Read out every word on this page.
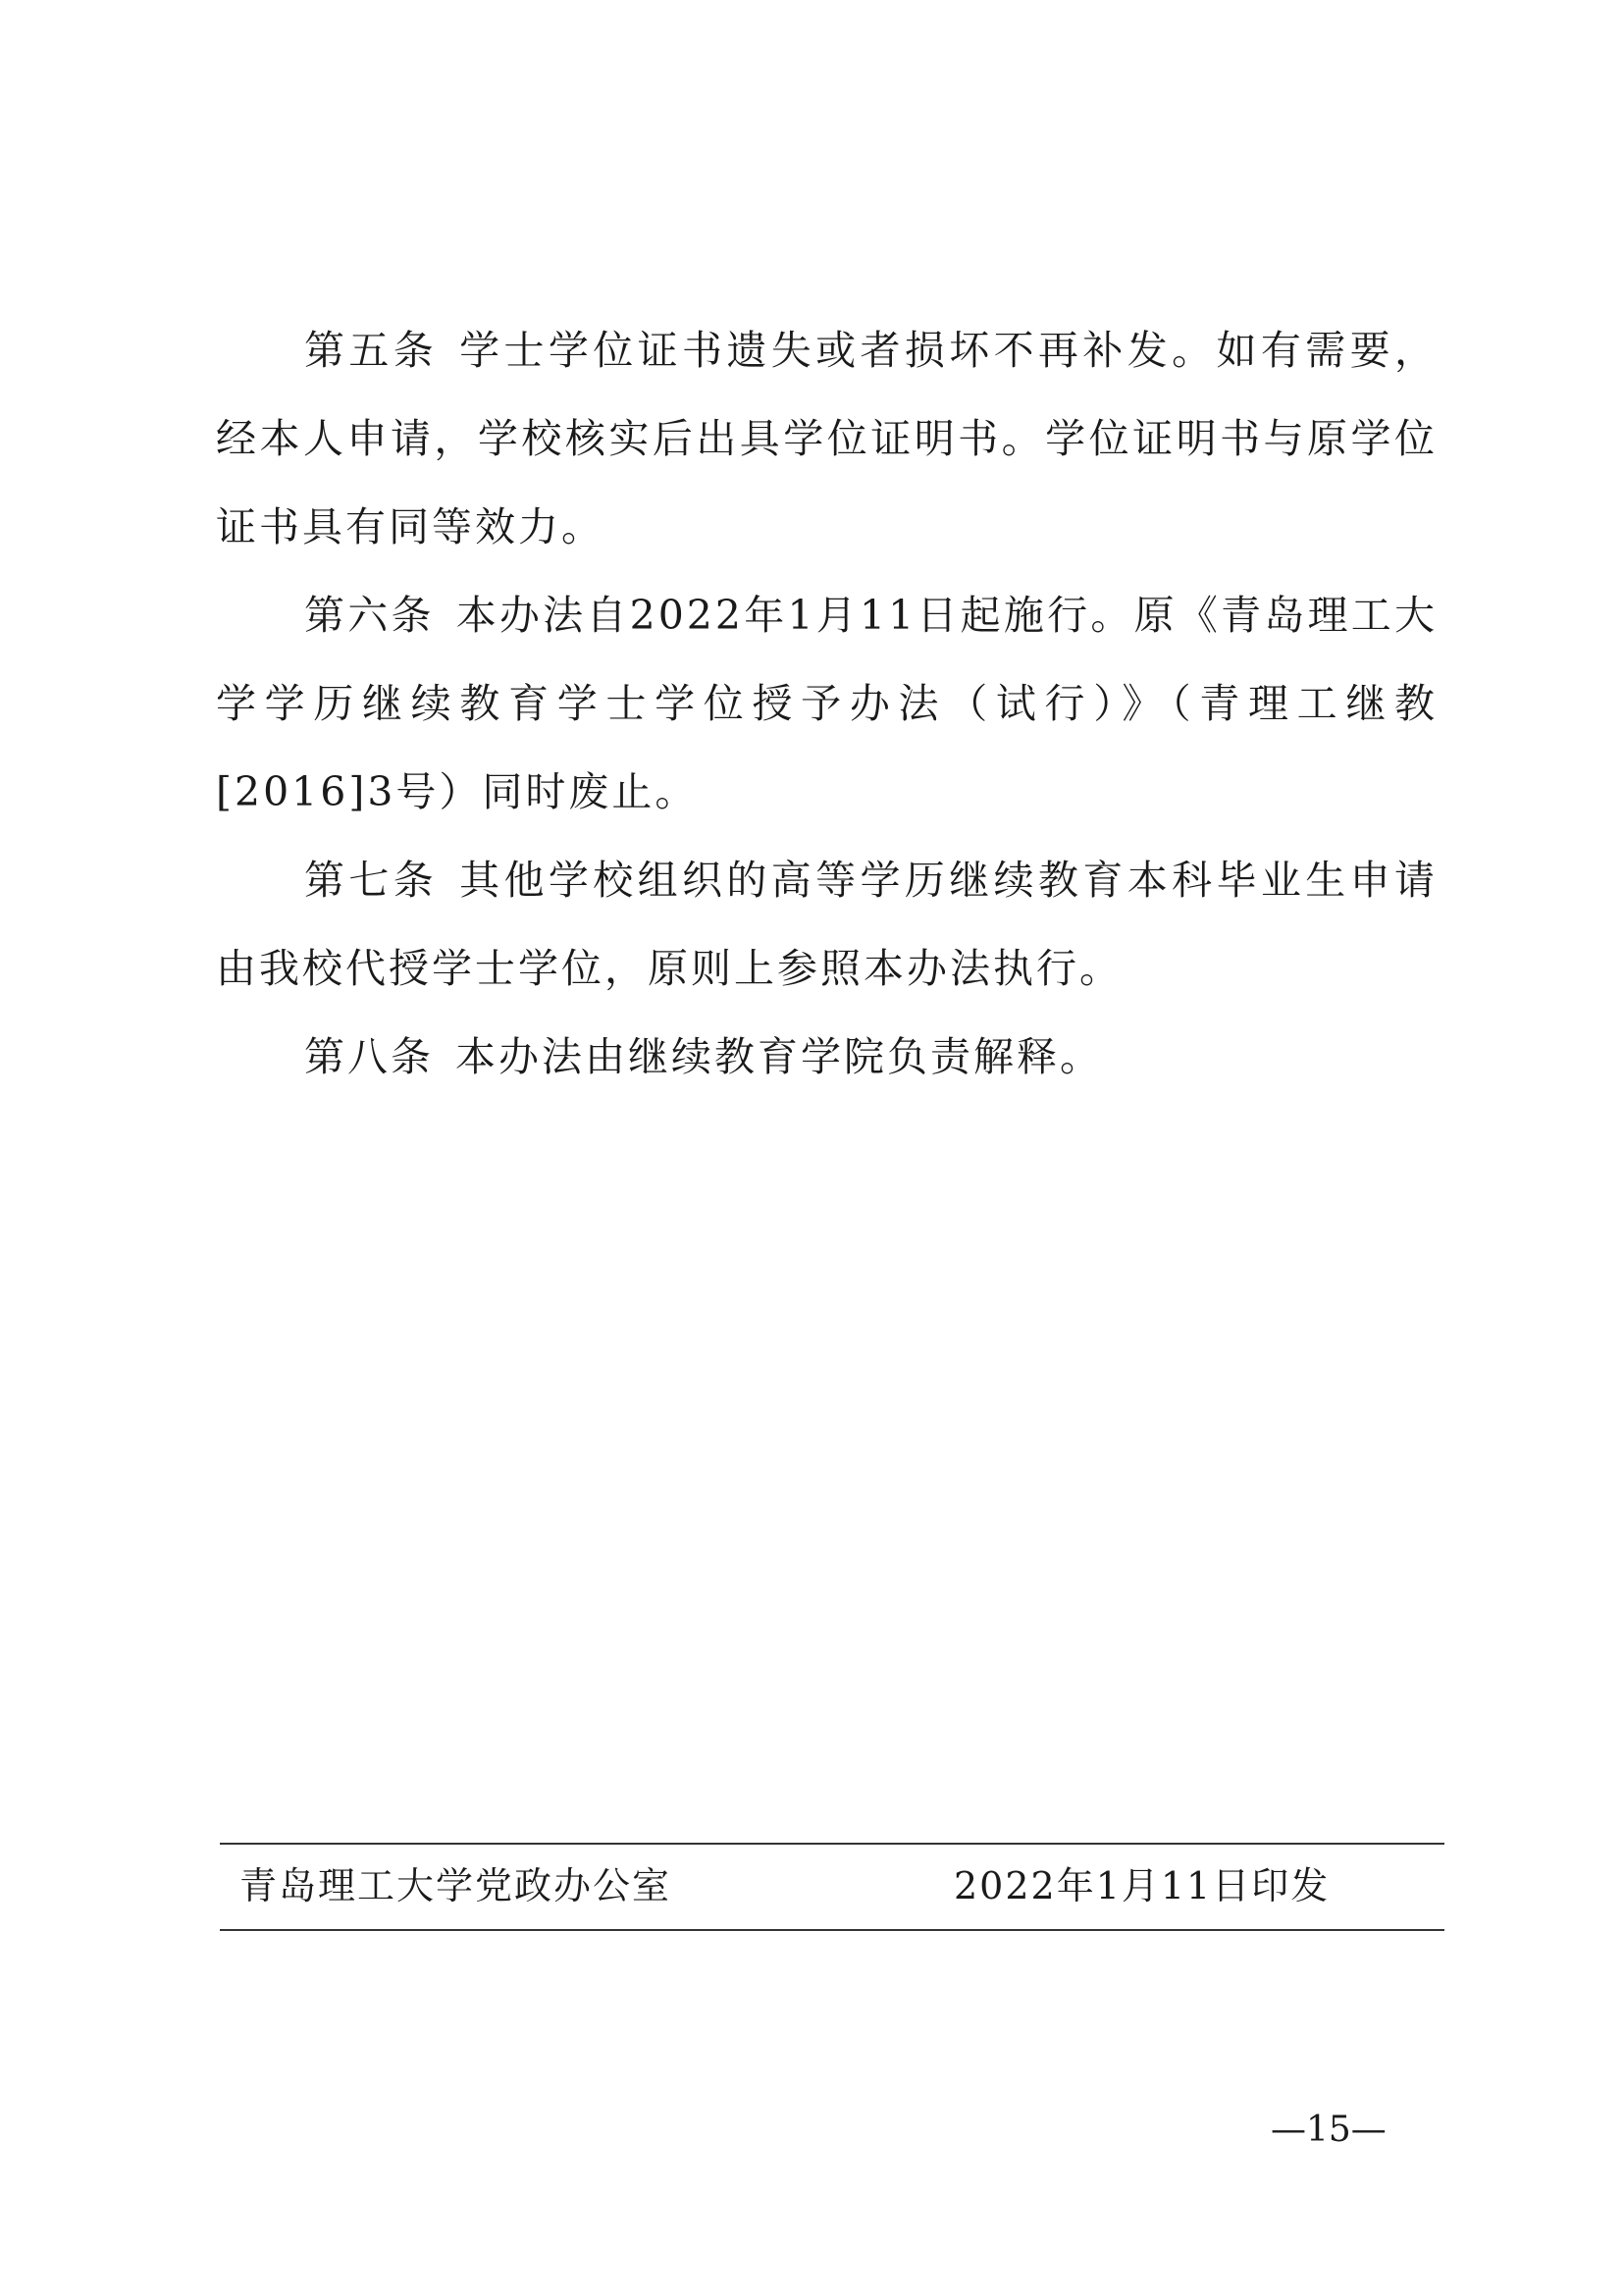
第五条 学士学位证书遗失或者损坏不再补发。如有需要，经本人申请，学校核实后出具学位证明书。学位证明书与原学位证书具有同等效力。

第六条 本办法自2022年1月11日起施行。原《青岛理工大学学历继续教育学士学位授予办法（试行）》（青理工继教[2016]3号）同时废止。

第七条 其他学校组织的高等学历继续教育本科毕业生申请由我校代授学士学位，原则上参照本办法执行。

第八条 本办法由继续教育学院负责解释。

青岛理工大学党政办公室	2022年1月11日印发
—15—
